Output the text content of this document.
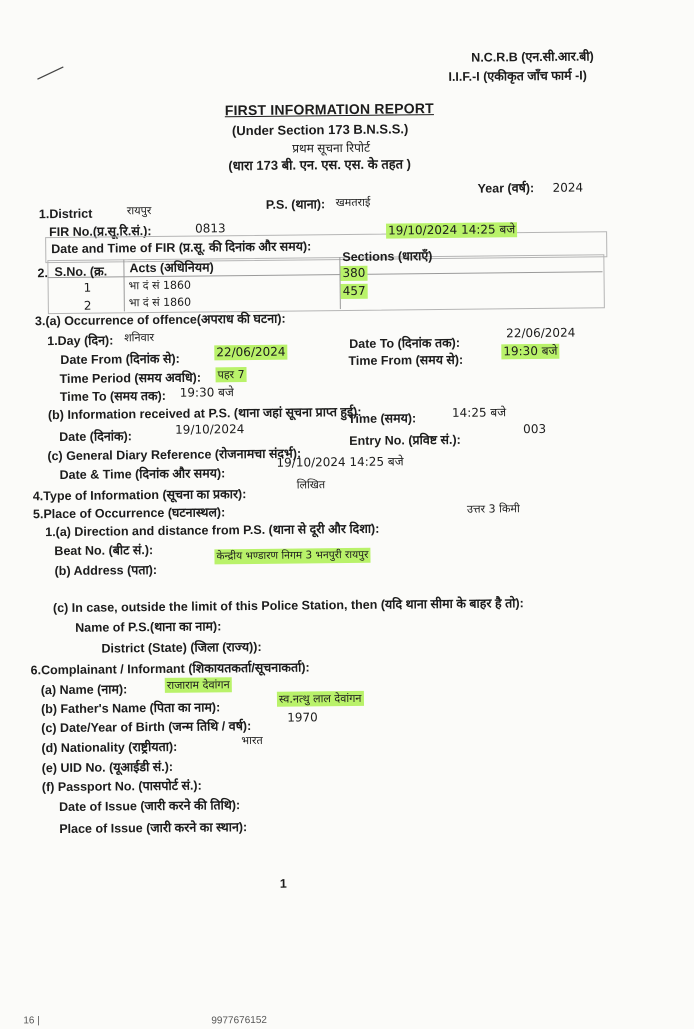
N.C.R.B (एन.सी.आर.बी)
I.I.F.-I (एकीकृत जाँच फार्म -I)
FIRST INFORMATION REPORT
(Under Section 173 B.N.S.S.)
प्रथम सूचना रिपोर्ट
(धारा 173 बी. एन. एस. एस. के तहत )
Year (वर्ष): 2024
1.District	रायपुर	P.S. (थाना): खमतराई
FIR No.(प्र.सू.रि.सं.):	0813
Date and Time of FIR (प्र.सू. की दिनांक और समय):
19/10/2024 14:25 बजे
2. S.No. (क्र. Acts (अधिनियम)
Sections (धाराएँ)
1	भा दं सं 1860
380
2	भा दं सं 1860
457
3.(a) Occurrence of offence(अपराध की घटना):
1.Day (दिन): शनिवार	Date To (दिनांक तक):
22/06/2024
Date From (दिनांक से):	22/06/2024
Time From (समय से):
19:30 बजे
Time Period (समय अवधि): पहर 7
Time To (समय तक): 19:30 बजे
(b) Information received at P.S. (थाना जहां सूचना प्राप्त हुई):
Time (समय):	14:25 बजे
Date (दिनांक):	19/10/2024
(c) General Diary Reference (रोजनामचा संदर्भ):
Entry No. (प्रविष्ट सं.):
003
Date & Time (दिनांक और समय):
19/10/2024 14:25 बजे
4.Type of Information (सूचना का प्रकार):
लिखित
5.Place of Occurrence (घटनास्थल):
1.(a) Direction and distance from P.S. (थाना से दूरी और दिशा):
उत्तर 3 किमी
Beat No. (बीट सं.):
(b) Address (पता):
केन्द्रीय भण्डारण निगम 3 भनपुरी रायपुर
(c) In case, outside the limit of this Police Station, then (यदि थाना सीमा के बाहर है तो):
Name of P.S.(थाना का नाम):
District (State) (जिला (राज्य)):
6.Complainant / Informant (शिकायतकर्ता/सूचनाकर्ता):
(a) Name (नाम):	राजाराम देवांगन
(b) Father's Name (पिता का नाम):
स्व.नत्थु लाल देवांगन
(c) Date/Year of Birth (जन्म तिथि / वर्ष):
1970
(d) Nationality (राष्ट्रीयता):	भारत
(e) UID No. (यूआईडी सं.):
(f) Passport No. (पासपोर्ट सं.):
Date of Issue (जारी करने की तिथि):
Place of Issue (जारी करने का स्थान):
1
16 |	9977676152
